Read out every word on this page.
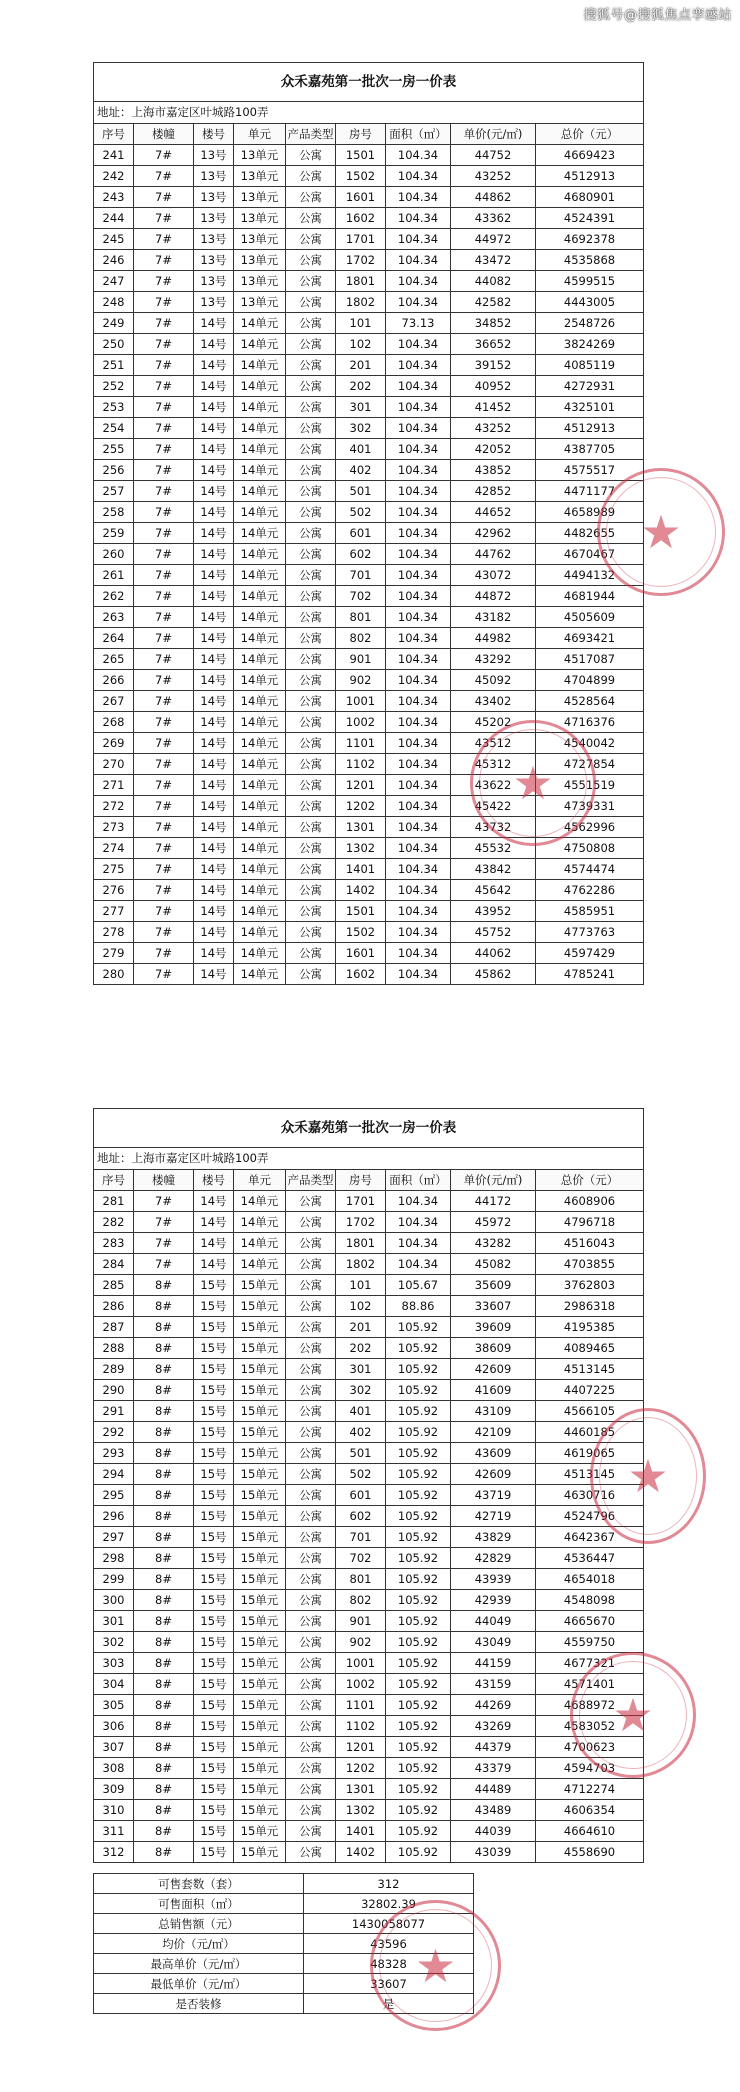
搜狐号@搜狐焦点孪感站
众禾嘉苑第一批次一房一价表								
地址：上海市嘉定区叶城路100弄								
序号	楼幢	楼号	单元	产品类型	房号	面积（㎡）	单价(元/㎡)	总价（元）
241	7#	13号	13单元	公寓	1501	104.34	44752	4669423
242	7#	13号	13单元	公寓	1502	104.34	43252	4512913
243	7#	13号	13单元	公寓	1601	104.34	44862	4680901
244	7#	13号	13单元	公寓	1602	104.34	43362	4524391
245	7#	13号	13单元	公寓	1701	104.34	44972	4692378
246	7#	13号	13单元	公寓	1702	104.34	43472	4535868
247	7#	13号	13单元	公寓	1801	104.34	44082	4599515
248	7#	13号	13单元	公寓	1802	104.34	42582	4443005
249	7#	14号	14单元	公寓	101	73.13	34852	2548726
250	7#	14号	14单元	公寓	102	104.34	36652	3824269
251	7#	14号	14单元	公寓	201	104.34	39152	4085119
252	7#	14号	14单元	公寓	202	104.34	40952	4272931
253	7#	14号	14单元	公寓	301	104.34	41452	4325101
254	7#	14号	14单元	公寓	302	104.34	43252	4512913
255	7#	14号	14单元	公寓	401	104.34	42052	4387705
256	7#	14号	14单元	公寓	402	104.34	43852	4575517
257	7#	14号	14单元	公寓	501	104.34	42852	4471177
258	7#	14号	14单元	公寓	502	104.34	44652	4658989
259	7#	14号	14单元	公寓	601	104.34	42962	4482655
260	7#	14号	14单元	公寓	602	104.34	44762	4670467
261	7#	14号	14单元	公寓	701	104.34	43072	4494132
262	7#	14号	14单元	公寓	702	104.34	44872	4681944
263	7#	14号	14单元	公寓	801	104.34	43182	4505609
264	7#	14号	14单元	公寓	802	104.34	44982	4693421
265	7#	14号	14单元	公寓	901	104.34	43292	4517087
266	7#	14号	14单元	公寓	902	104.34	45092	4704899
267	7#	14号	14单元	公寓	1001	104.34	43402	4528564
268	7#	14号	14单元	公寓	1002	104.34	45202	4716376
269	7#	14号	14单元	公寓	1101	104.34	43512	4540042
270	7#	14号	14单元	公寓	1102	104.34	45312	4727854
271	7#	14号	14单元	公寓	1201	104.34	43622	4551519
272	7#	14号	14单元	公寓	1202	104.34	45422	4739331
273	7#	14号	14单元	公寓	1301	104.34	43732	4562996
274	7#	14号	14单元	公寓	1302	104.34	45532	4750808
275	7#	14号	14单元	公寓	1401	104.34	43842	4574474
276	7#	14号	14单元	公寓	1402	104.34	45642	4762286
277	7#	14号	14单元	公寓	1501	104.34	43952	4585951
278	7#	14号	14单元	公寓	1502	104.34	45752	4773763
279	7#	14号	14单元	公寓	1601	104.34	44062	4597429
280	7#	14号	14单元	公寓	1602	104.34	45862	4785241
众禾嘉苑第一批次一房一价表								
地址：上海市嘉定区叶城路100弄								
序号	楼幢	楼号	单元	产品类型	房号	面积（㎡）	单价(元/㎡)	总价（元）
281	7#	14号	14单元	公寓	1701	104.34	44172	4608906
282	7#	14号	14单元	公寓	1702	104.34	45972	4796718
283	7#	14号	14单元	公寓	1801	104.34	43282	4516043
284	7#	14号	14单元	公寓	1802	104.34	45082	4703855
285	8#	15号	15单元	公寓	101	105.67	35609	3762803
286	8#	15号	15单元	公寓	102	88.86	33607	2986318
287	8#	15号	15单元	公寓	201	105.92	39609	4195385
288	8#	15号	15单元	公寓	202	105.92	38609	4089465
289	8#	15号	15单元	公寓	301	105.92	42609	4513145
290	8#	15号	15单元	公寓	302	105.92	41609	4407225
291	8#	15号	15单元	公寓	401	105.92	43109	4566105
292	8#	15号	15单元	公寓	402	105.92	42109	4460185
293	8#	15号	15单元	公寓	501	105.92	43609	4619065
294	8#	15号	15单元	公寓	502	105.92	42609	4513145
295	8#	15号	15单元	公寓	601	105.92	43719	4630716
296	8#	15号	15单元	公寓	602	105.92	42719	4524796
297	8#	15号	15单元	公寓	701	105.92	43829	4642367
298	8#	15号	15单元	公寓	702	105.92	42829	4536447
299	8#	15号	15单元	公寓	801	105.92	43939	4654018
300	8#	15号	15单元	公寓	802	105.92	42939	4548098
301	8#	15号	15单元	公寓	901	105.92	44049	4665670
302	8#	15号	15单元	公寓	902	105.92	43049	4559750
303	8#	15号	15单元	公寓	1001	105.92	44159	4677321
304	8#	15号	15单元	公寓	1002	105.92	43159	4571401
305	8#	15号	15单元	公寓	1101	105.92	44269	4688972
306	8#	15号	15单元	公寓	1102	105.92	43269	4583052
307	8#	15号	15单元	公寓	1201	105.92	44379	4700623
308	8#	15号	15单元	公寓	1202	105.92	43379	4594703
309	8#	15号	15单元	公寓	1301	105.92	44489	4712274
310	8#	15号	15单元	公寓	1302	105.92	43489	4606354
311	8#	15号	15单元	公寓	1401	105.92	44039	4664610
312	8#	15号	15单元	公寓	1402	105.92	43039	4558690
可售套数（套）	312
可售面积（㎡）	32802.39
总销售额（元）	1430058077
均价（元/㎡）	43596
最高单价（元/㎡）	48328
最低单价（元/㎡）	33607
是否装修	是
★
★
★
★
★
